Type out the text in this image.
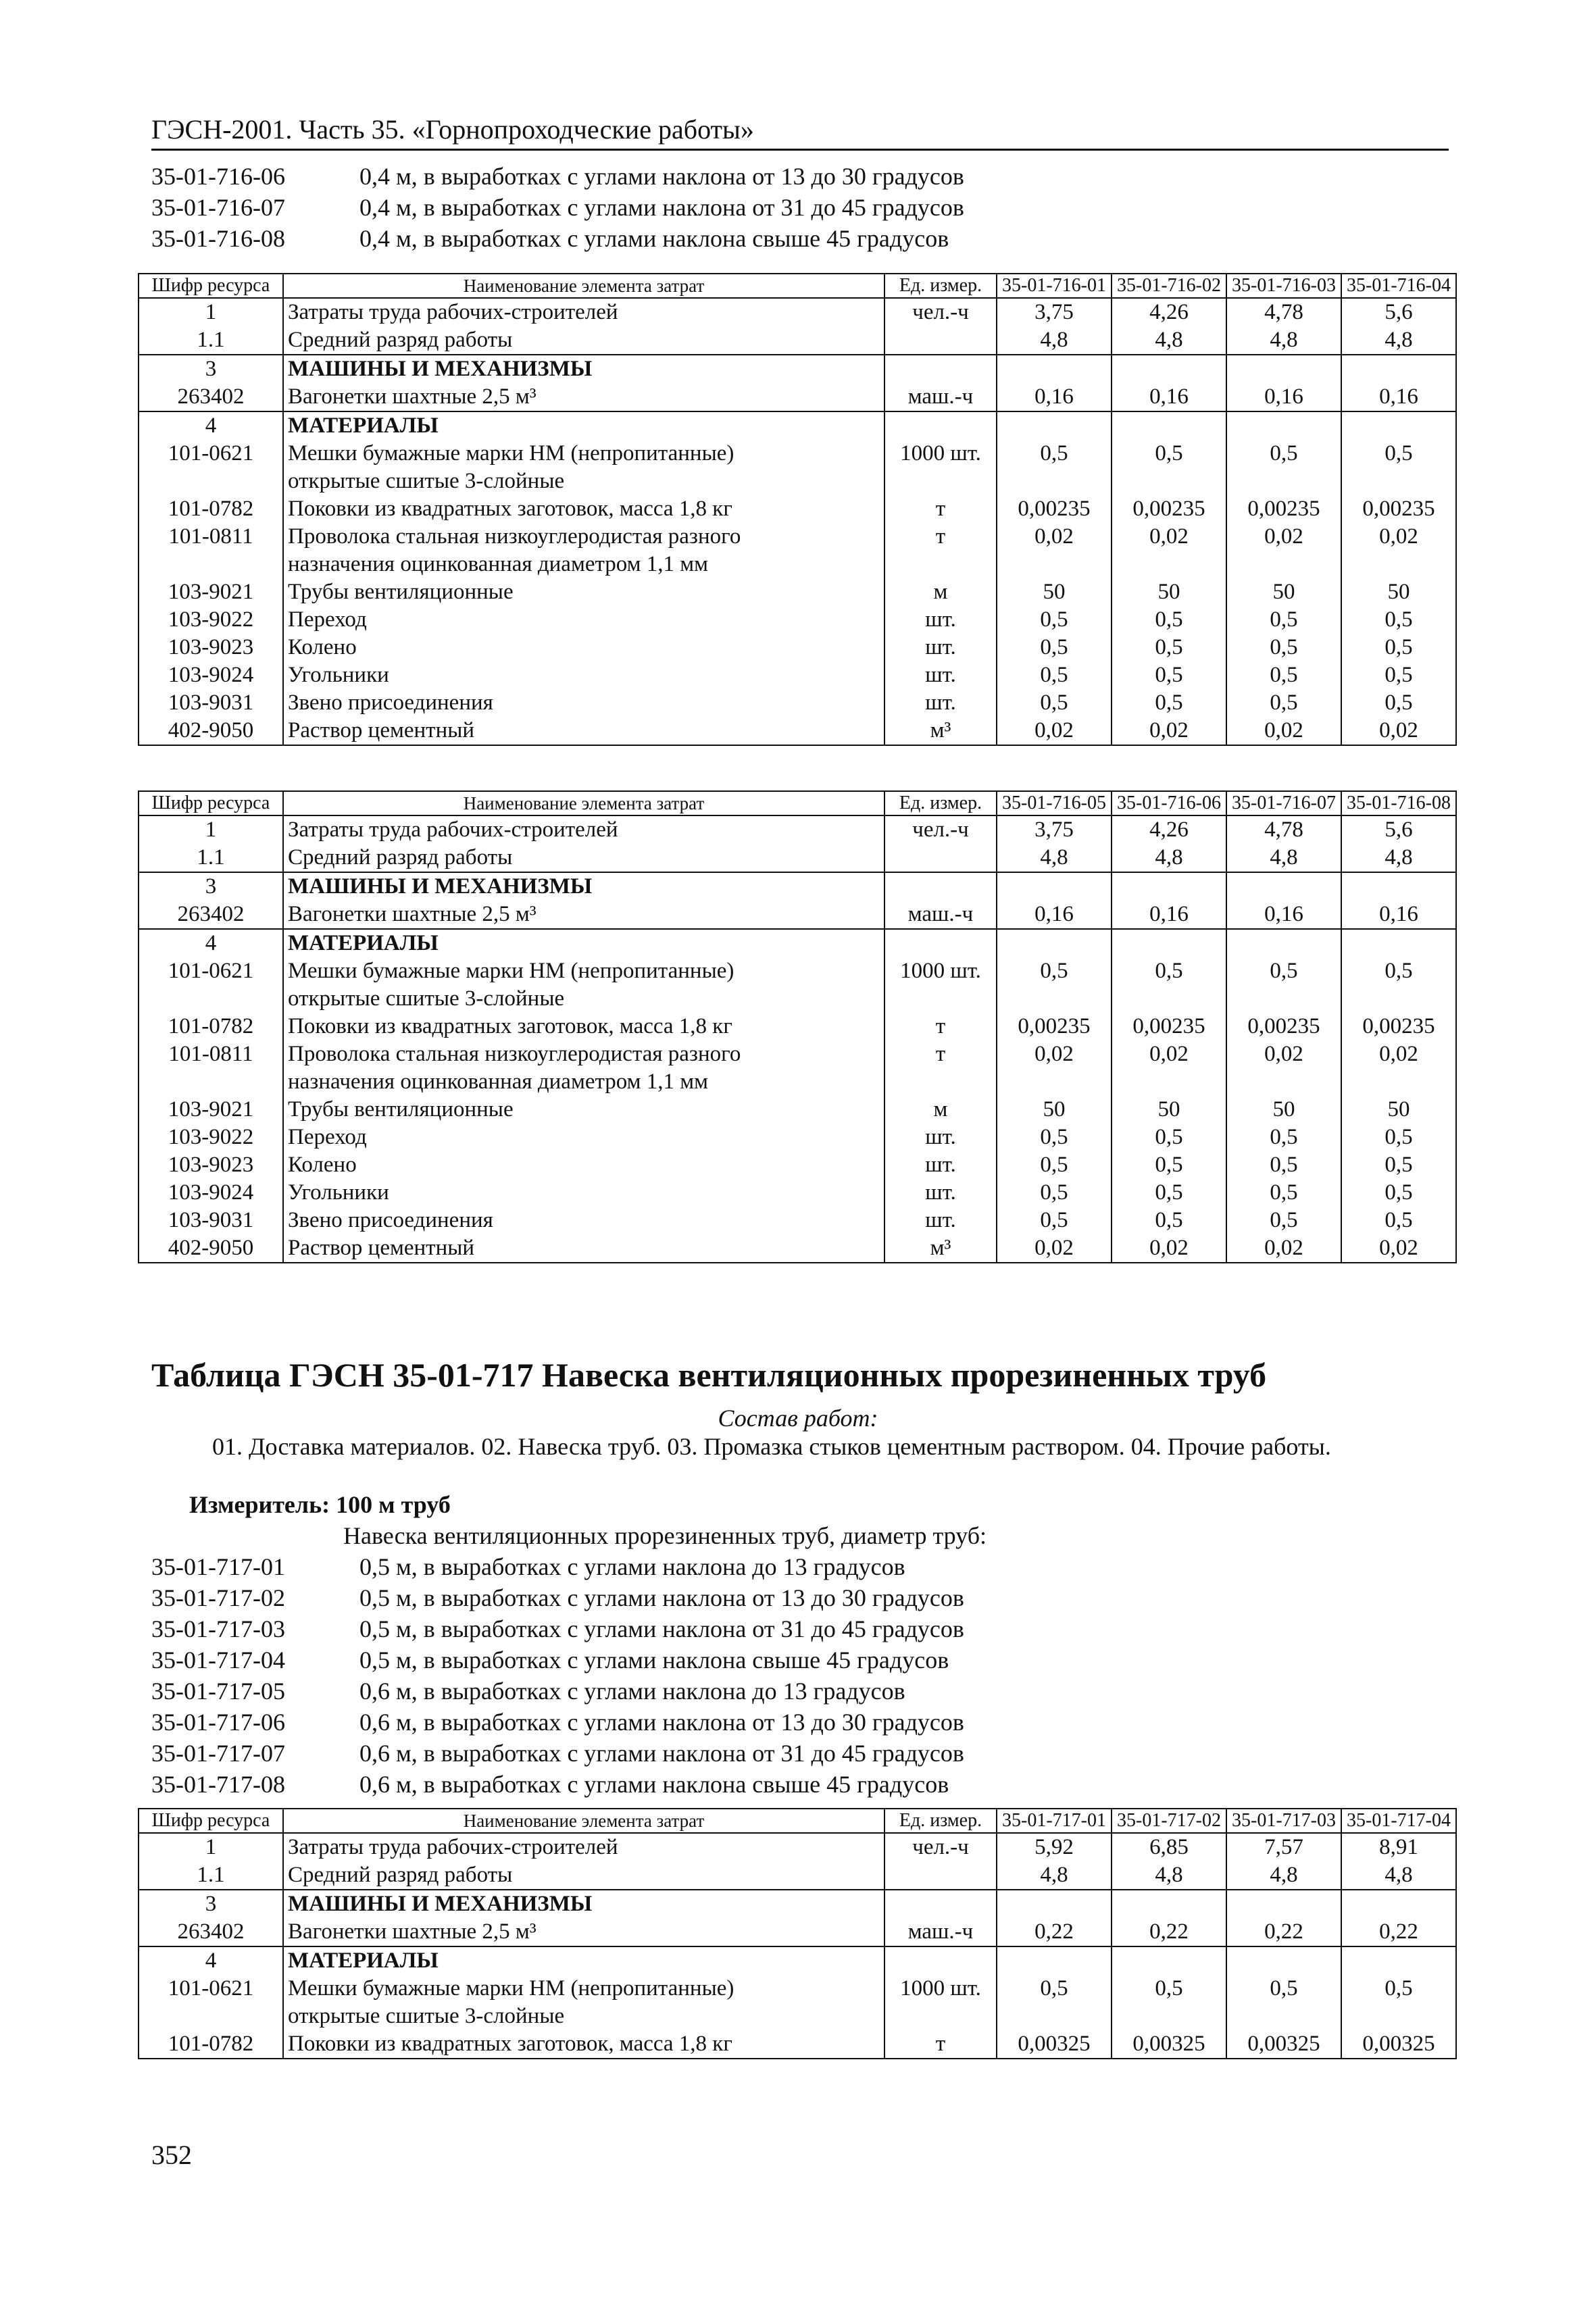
ГЭСН-2001. Часть 35. «Горнопроходческие работы»
35-01-716-06	0,4 м, в выработках с углами наклона от 13 до 30 градусов
35-01-716-07	0,4 м, в выработках с углами наклона от 31 до 45 градусов
35-01-716-08	0,4 м, в выработках с углами наклона свыше 45 градусов
Шифр ресурса	Наименование элемента затрат	Ед. измер.	35-01-716-01	35-01-716-02	35-01-716-03	35-01-716-04
1	Затраты труда рабочих-строителей	чел.-ч	3,75	4,26	4,78	5,6
1.1	Средний разряд работы		4,8	4,8	4,8	4,8
3	МАШИНЫ И МЕХАНИЗМЫ					
263402	Вагонетки шахтные 2,5 м³	маш.-ч	0,16	0,16	0,16	0,16
4	МАТЕРИАЛЫ					
101-0621	Мешки бумажные марки НМ (непропитанные)	1000 шт.	0,5	0,5	0,5	0,5
	открытые сшитые 3-слойные					
101-0782	Поковки из квадратных заготовок, масса 1,8 кг	т	0,00235	0,00235	0,00235	0,00235
101-0811	Проволока стальная низкоуглеродистая разного	т	0,02	0,02	0,02	0,02
	назначения оцинкованная диаметром 1,1 мм					
103-9021	Трубы вентиляционные	м	50	50	50	50
103-9022	Переход	шт.	0,5	0,5	0,5	0,5
103-9023	Колено	шт.	0,5	0,5	0,5	0,5
103-9024	Угольники	шт.	0,5	0,5	0,5	0,5
103-9031	Звено присоединения	шт.	0,5	0,5	0,5	0,5
402-9050	Раствор цементный	м³	0,02	0,02	0,02	0,02
Шифр ресурса	Наименование элемента затрат	Ед. измер.	35-01-716-05	35-01-716-06	35-01-716-07	35-01-716-08
1	Затраты труда рабочих-строителей	чел.-ч	3,75	4,26	4,78	5,6
1.1	Средний разряд работы		4,8	4,8	4,8	4,8
3	МАШИНЫ И МЕХАНИЗМЫ					
263402	Вагонетки шахтные 2,5 м³	маш.-ч	0,16	0,16	0,16	0,16
4	МАТЕРИАЛЫ					
101-0621	Мешки бумажные марки НМ (непропитанные)	1000 шт.	0,5	0,5	0,5	0,5
	открытые сшитые 3-слойные					
101-0782	Поковки из квадратных заготовок, масса 1,8 кг	т	0,00235	0,00235	0,00235	0,00235
101-0811	Проволока стальная низкоуглеродистая разного	т	0,02	0,02	0,02	0,02
	назначения оцинкованная диаметром 1,1 мм					
103-9021	Трубы вентиляционные	м	50	50	50	50
103-9022	Переход	шт.	0,5	0,5	0,5	0,5
103-9023	Колено	шт.	0,5	0,5	0,5	0,5
103-9024	Угольники	шт.	0,5	0,5	0,5	0,5
103-9031	Звено присоединения	шт.	0,5	0,5	0,5	0,5
402-9050	Раствор цементный	м³	0,02	0,02	0,02	0,02
Таблица ГЭСН 35-01-717 Навеска вентиляционных прорезиненных труб
Состав работ:
01. Доставка материалов. 02. Навеска труб. 03. Промазка стыков цементным раствором. 04. Прочие работы.
Измеритель: 100 м труб
Навеска вентиляционных прорезиненных труб, диаметр труб:
35-01-717-01	0,5 м, в выработках с углами наклона до 13 градусов
35-01-717-02	0,5 м, в выработках с углами наклона от 13 до 30 градусов
35-01-717-03	0,5 м, в выработках с углами наклона от 31 до 45 градусов
35-01-717-04	0,5 м, в выработках с углами наклона свыше 45 градусов
35-01-717-05	0,6 м, в выработках с углами наклона до 13 градусов
35-01-717-06	0,6 м, в выработках с углами наклона от 13 до 30 градусов
35-01-717-07	0,6 м, в выработках с углами наклона от 31 до 45 градусов
35-01-717-08	0,6 м, в выработках с углами наклона свыше 45 градусов
Шифр ресурса	Наименование элемента затрат	Ед. измер.	35-01-717-01	35-01-717-02	35-01-717-03	35-01-717-04
1	Затраты труда рабочих-строителей	чел.-ч	5,92	6,85	7,57	8,91
1.1	Средний разряд работы		4,8	4,8	4,8	4,8
3	МАШИНЫ И МЕХАНИЗМЫ					
263402	Вагонетки шахтные 2,5 м³	маш.-ч	0,22	0,22	0,22	0,22
4	МАТЕРИАЛЫ					
101-0621	Мешки бумажные марки НМ (непропитанные)	1000 шт.	0,5	0,5	0,5	0,5
	открытые сшитые 3-слойные					
101-0782	Поковки из квадратных заготовок, масса 1,8 кг	т	0,00325	0,00325	0,00325	0,00325
352
